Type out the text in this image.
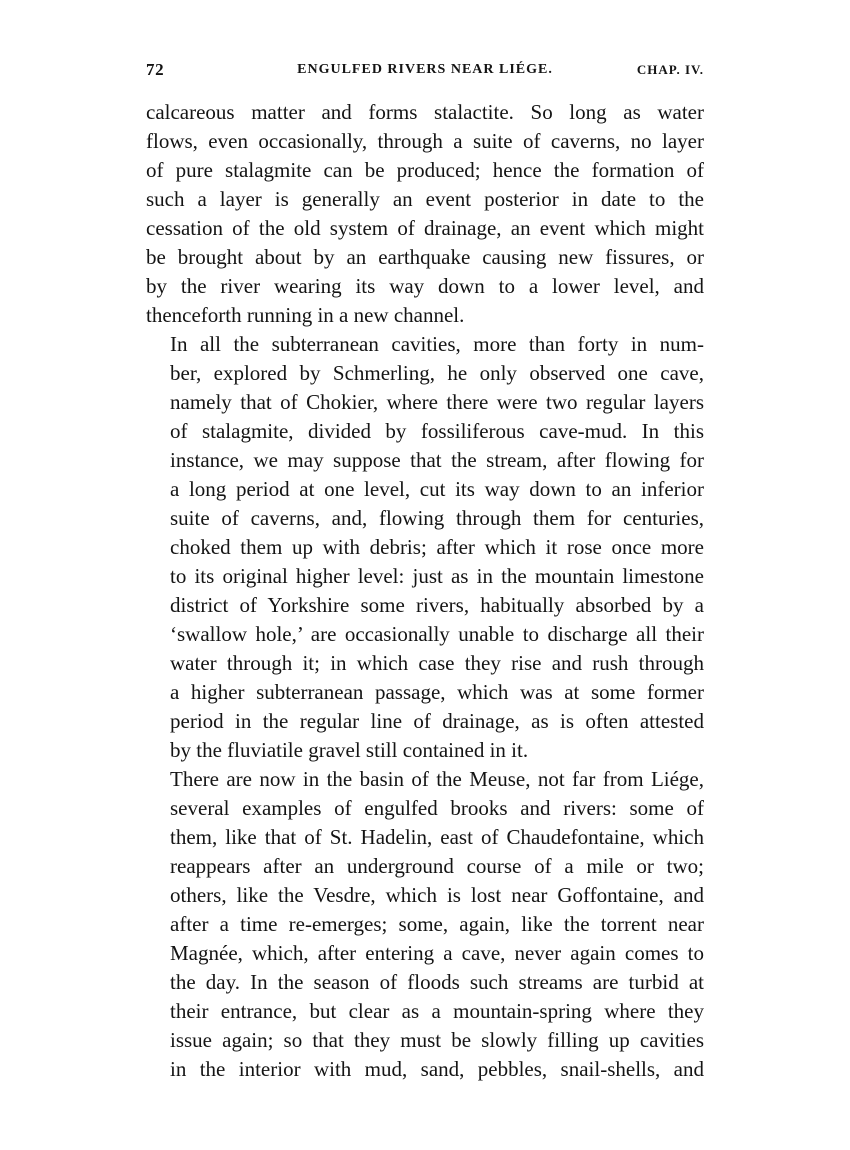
72	ENGULFED RIVERS NEAR LIÉGE.	CHAP. IV.

calcareous matter and forms stalactite. So long as water
flows, even occasionally, through a suite of caverns, no layer
of pure stalagmite can be produced; hence the formation of
such a layer is generally an event posterior in date to the
cessation of the old system of drainage, an event which might
be brought about by an earthquake causing new fissures, or
by the river wearing its way down to a lower level, and
thenceforth running in a new channel.

In all the subterranean cavities, more than forty in num-
ber, explored by Schmerling, he only observed one cave,
namely that of Chokier, where there were two regular layers
of stalagmite, divided by fossiliferous cave-mud. In this
instance, we may suppose that the stream, after flowing for
a long period at one level, cut its way down to an inferior
suite of caverns, and, flowing through them for centuries,
choked them up with debris; after which it rose once more
to its original higher level: just as in the mountain limestone
district of Yorkshire some rivers, habitually absorbed by a
‘swallow hole,’ are occasionally unable to discharge all their
water through it; in which case they rise and rush through
a higher subterranean passage, which was at some former
period in the regular line of drainage, as is often attested
by the fluviatile gravel still contained in it.

There are now in the basin of the Meuse, not far from Liége,
several examples of engulfed brooks and rivers: some of
them, like that of St. Hadelin, east of Chaudefontaine, which
reappears after an underground course of a mile or two;
others, like the Vesdre, which is lost near Goffontaine, and
after a time re-emerges; some, again, like the torrent near
Magnée, which, after entering a cave, never again comes to
the day. In the season of floods such streams are turbid at
their entrance, but clear as a mountain-spring where they
issue again; so that they must be slowly filling up cavities
in the interior with mud, sand, pebbles, snail-shells, and
